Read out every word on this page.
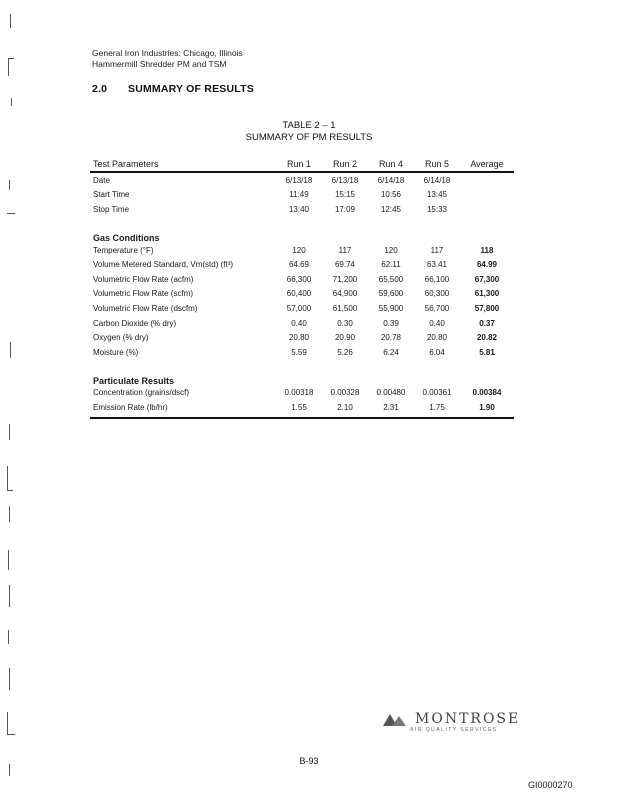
General Iron Industries: Chicago, Illinois
Hammermill Shredder PM and TSM
2.0 SUMMARY OF RESULTS
TABLE 2 – 1
SUMMARY OF PM RESULTS
Test Parameters	Run 1	Run 2	Run 4	Run 5	Average
Date	6/13/18	6/13/18	6/14/18	6/14/18	
Start Time	11:49	15:15	10:56	13:45	
Stop Time	13:40	17:09	12:45	15:33	
Gas Conditions					
Temperature (°F)	120	117	120	117	118
Volume Metered Standard, Vm(std) (ft³)	64.69	69.74	62.11	63.41	64.99
Volumetric Flow Rate (acfm)	66,300	71,200	65,500	66,100	67,300
Volumetric Flow Rate (scfm)	60,400	64,900	59,600	60,300	61,300
Volumetric Flow Rate (dscfm)	57,000	61,500	55,900	56,700	57,800
Carbon Dioxide (% dry)	0.40	0.30	0.39	0.40	0.37
Oxygen (% dry)	20.80	20.90	20.78	20.80	20.82
Moisture (%)	5.59	5.26	6.24	6.04	5.81
Particulate Results					
Concentration (grains/dscf)	0.00318	0.00328	0.00480	0.00361	0.00384
Emission Rate (lb/hr)	1.55	2.10	2.31	1.75	1.90
MONTROSE
AIR QUALITY SERVICES
B-93
GI0000270
